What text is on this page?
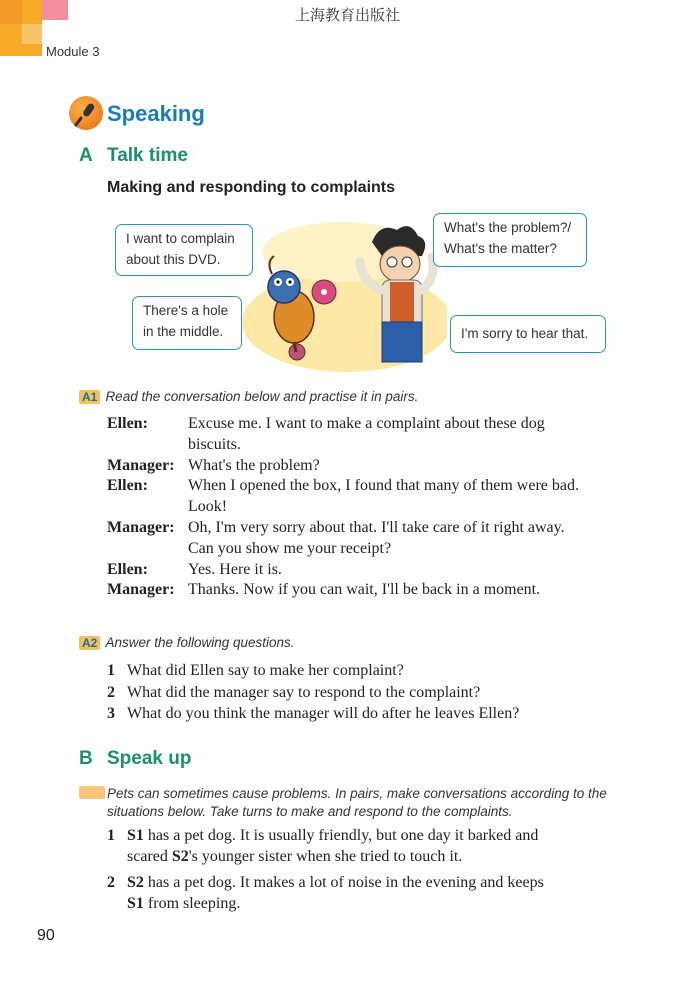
上海教育出版社
Module 3
Speaking
A Talk time
Making and responding to complaints
I want to complain
about this DVD.
There's a hole
in the middle.
What's the problem?/
What's the matter?
I'm sorry to hear that.
A1 Read the conversation below and practise it in pairs.
Ellen:	Excuse me. I want to make a complaint about these dog
biscuits.
Manager: What's the problem?
Ellen:	When I opened the box, I found that many of them were bad.
Look!
Manager: Oh, I'm very sorry about that. I'll take care of it right away.
Can you show me your receipt?
Ellen:	Yes. Here it is.
Manager: Thanks. Now if you can wait, I'll be back in a moment.
A2 Answer the following questions.
1 What did Ellen say to make her complaint?
2 What did the manager say to respond to the complaint?
3 What do you think the manager will do after he leaves Ellen?
B Speak up
Pets can sometimes cause problems. In pairs, make conversations according to the
situations below. Take turns to make and respond to the complaints.
1 S1 has a pet dog. It is usually friendly, but one day it barked and
scared S2's younger sister when she tried to touch it.
2 S2 has a pet dog. It makes a lot of noise in the evening and keeps
S1 from sleeping.
90
